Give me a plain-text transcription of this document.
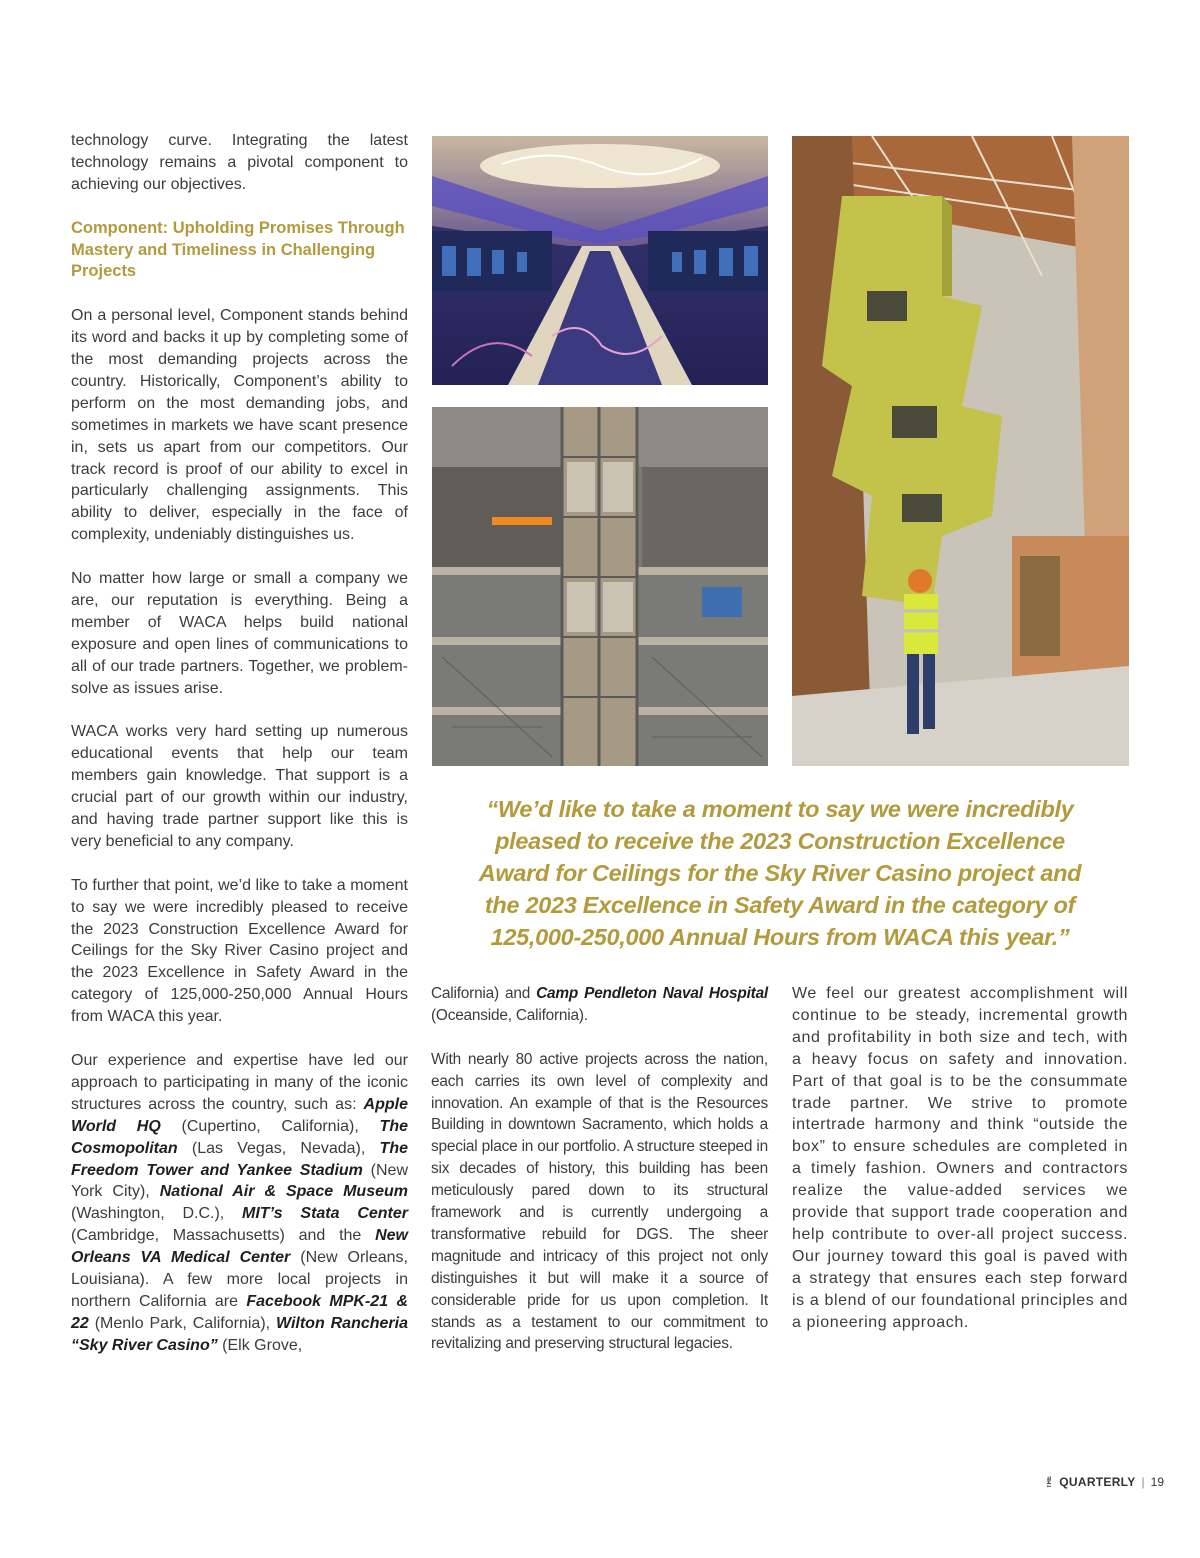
technology curve. Integrating the latest technology remains a pivotal component to achieving our objectives.

Component: Upholding Promises Through Mastery and Timeliness in Challenging Projects

On a personal level, Component stands behind its word and backs it up by completing some of the most demanding projects across the country. Historically, Component’s ability to perform on the most demanding jobs, and sometimes in markets we have scant presence in, sets us apart from our competitors. Our track record is proof of our ability to excel in particularly challenging assignments. This ability to deliver, especially in the face of complexity, undeniably distinguishes us.

No matter how large or small a company we are, our reputation is everything. Being a member of WACA helps build national exposure and open lines of communications to all of our trade partners. Together, we problem-solve as issues arise.

WACA works very hard setting up numerous educational events that help our team members gain knowledge. That support is a crucial part of our growth within our industry, and having trade partner support like this is very beneficial to any company.

To further that point, we’d like to take a moment to say we were incredibly pleased to receive the 2023 Construction Excellence Award for Ceilings for the Sky River Casino project and the 2023 Excellence in Safety Award in the category of 125,000-250,000 Annual Hours from WACA this year.

Our experience and expertise have led our approach to participating in many of the iconic structures across the country, such as: Apple World HQ (Cupertino, California), The Cosmopolitan (Las Vegas, Nevada), The Freedom Tower and Yankee Stadium (New York City), National Air & Space Museum (Washington, D.C.), MIT’s Stata Center (Cambridge, Massachusetts) and the New Orleans VA Medical Center (New Orleans, Louisiana). A few more local projects in northern California are Facebook MPK-21 & 22 (Menlo Park, California), Wilton Rancheria “Sky River Casino” (Elk Grove,

“We’d like to take a moment to say we were incredibly pleased to receive the 2023 Construction Excellence Award for Ceilings for the Sky River Casino project and the 2023 Excellence in Safety Award in the category of 125,000-250,000 Annual Hours from WACA this year.”

California) and Camp Pendleton Naval Hospital (Oceanside, California).

With nearly 80 active projects across the nation, each carries its own level of complexity and innovation. An example of that is the Resources Building in downtown Sacramento, which holds a special place in our portfolio. A structure steeped in six decades of history, this building has been meticulously pared down to its structural framework and is currently undergoing a transformative rebuild for DGS. The sheer magnitude and intricacy of this project not only distinguishes it but will make it a source of considerable pride for us upon completion. It stands as a testament to our commitment to revitalizing and preserving structural legacies.

We feel our greatest accomplishment will continue to be steady, incremental growth and profitability in both size and tech, with a heavy focus on safety and innovation. Part of that goal is to be the consummate trade partner. We strive to promote intertrade harmony and think “outside the box” to ensure schedules are completed in a timely fashion. Owners and contractors realize the value-added services we provide that support trade cooperation and help contribute to over-all project success. Our journey toward this goal is paved with a strategy that ensures each step forward is a blend of our foundational principles and a pioneering approach.

THE QUARTERLY | 19
